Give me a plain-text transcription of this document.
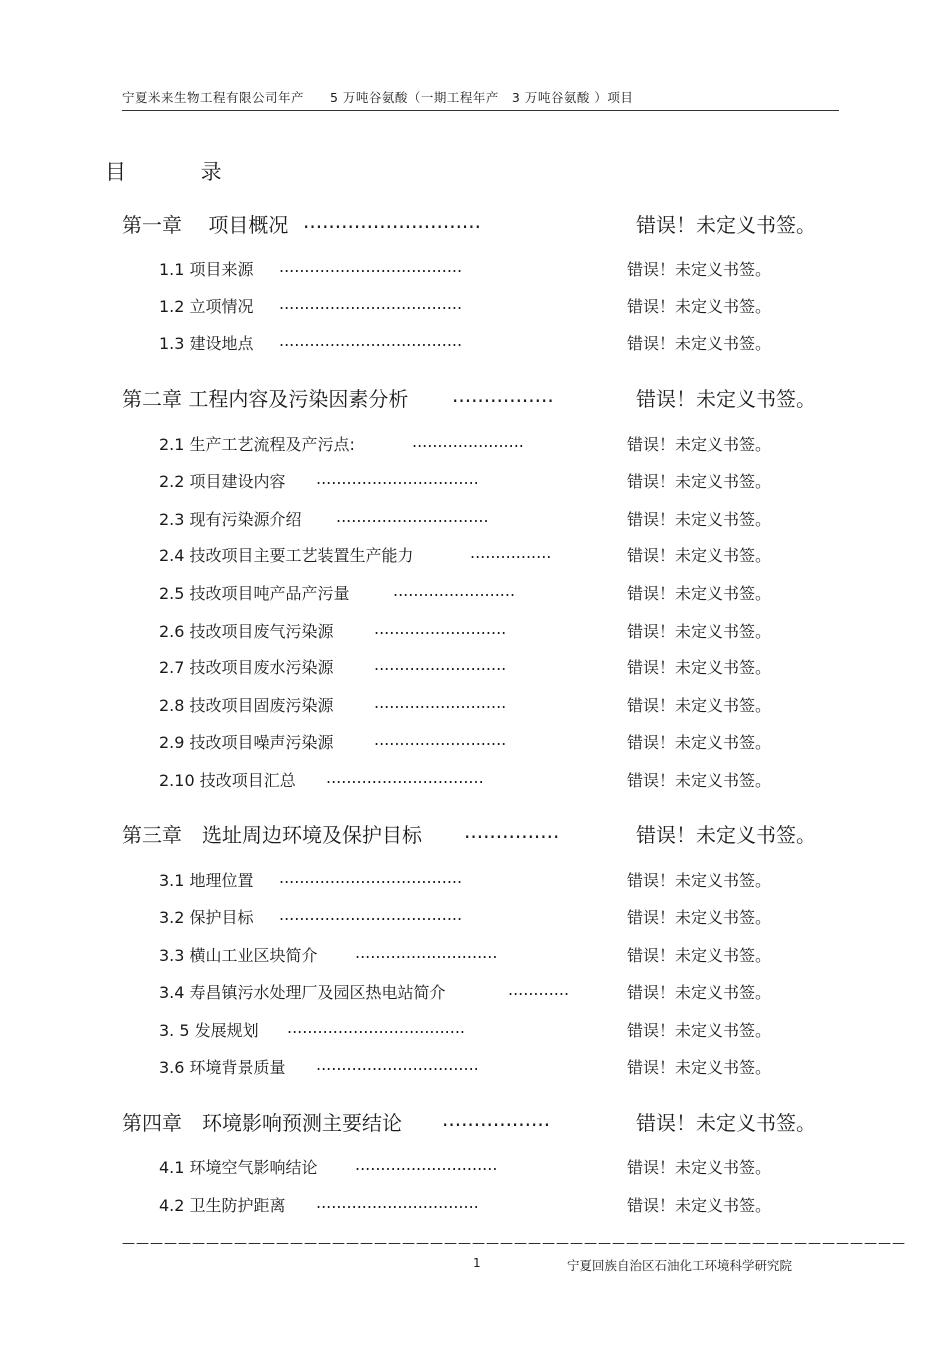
宁夏米来生物工程有限公司年产 5 万吨谷氨酸（一期工程年产　3 万吨谷氨酸 ）项目
目 录
第一章　 项目概况 ............................	错误！未定义书签。
1.1 项目来源 ....................................	错误！未定义书签。
1.2 立项情况 ....................................	错误！未定义书签。
1.3 建设地点 ....................................	错误！未定义书签。
第二章 工程内容及污染因素分析 ................	错误！未定义书签。
2.1 生产工艺流程及产污点:	......................	错误！未定义书签。
2.2 项目建设内容 ................................	错误！未定义书签。
2.3 现有污染源介绍 ..............................	错误！未定义书签。
2.4 技改项目主要工艺装置生产能力	................	错误！未定义书签。
2.5 技改项目吨产品产污量	........................	错误！未定义书签。
2.6 技改项目废气污染源	..........................	错误！未定义书签。
2.7 技改项目废水污染源	..........................	错误！未定义书签。
2.8 技改项目固废污染源	..........................	错误！未定义书签。
2.9 技改项目噪声污染源	..........................	错误！未定义书签。
2.10 技改项目汇总 ...............................	错误！未定义书签。
第三章　选址周边环境及保护目标 ...............	错误！未定义书签。
3.1 地理位置 ....................................	错误！未定义书签。
3.2 保护目标 ....................................	错误！未定义书签。
3.3 横山工业区块简介 ............................	错误！未定义书签。
3.4 寿昌镇污水处理厂及园区热电站简介	............	错误！未定义书签。
3. 5 发展规划 ...................................	错误！未定义书签。
3.6 环境背景质量 ................................	错误！未定义书签。
第四章　环境影响预测主要结论 .................	错误！未定义书签。
4.1 环境空气影响结论 ............................	错误！未定义书签。
4.2 卫生防护距离 ................................	错误！未定义书签。
————————————————————————————————————————————————————————
1	宁夏回族自治区石油化工环境科学研究院
